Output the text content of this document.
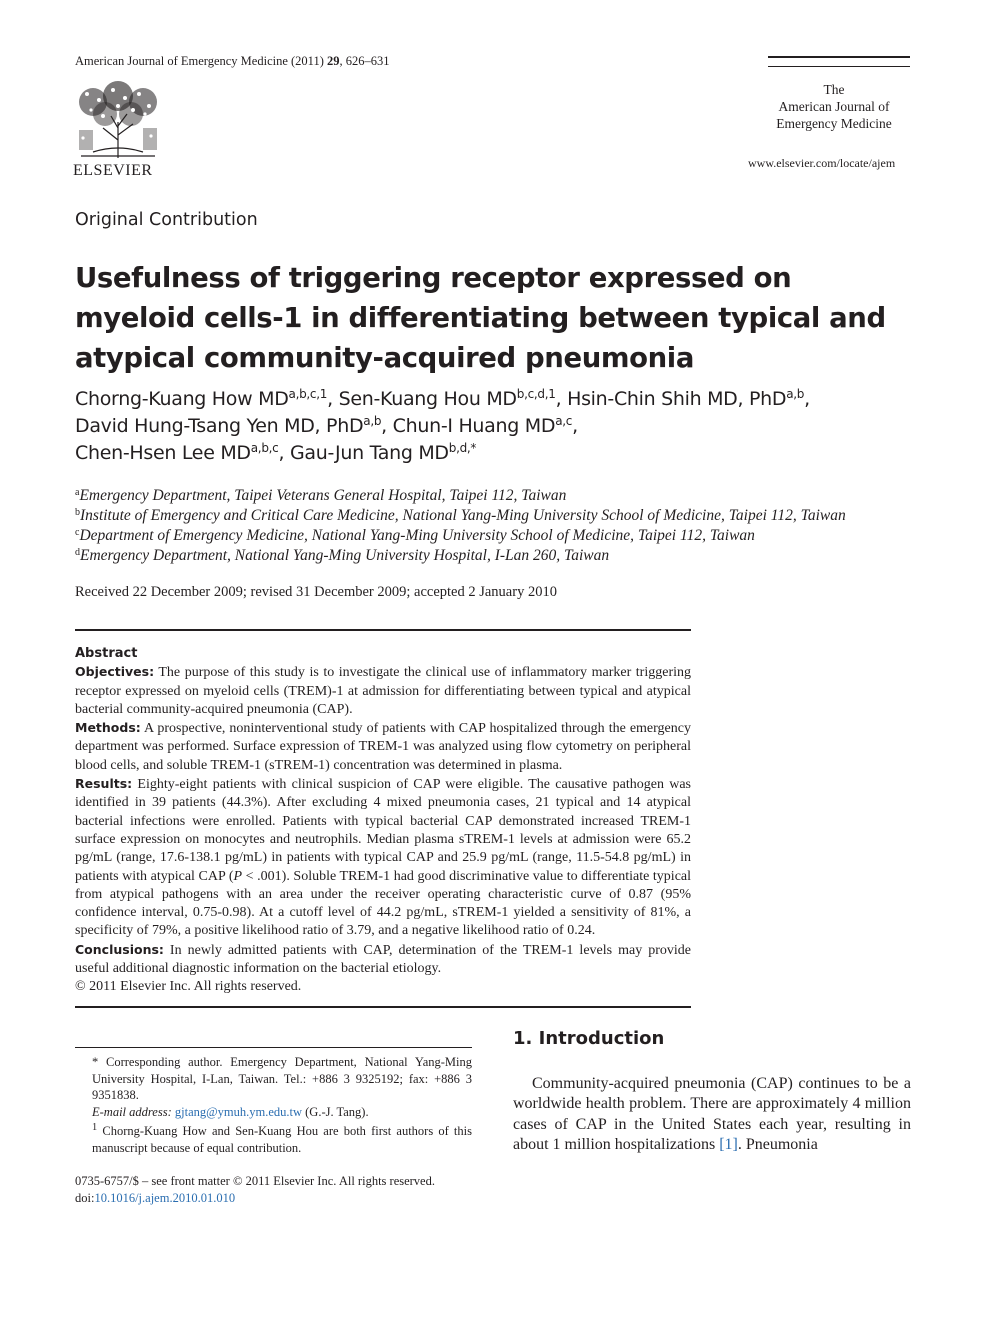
American Journal of Emergency Medicine (2011) 29, 626–631
ELSEVIER
The
American Journal of
Emergency Medicine
www.elsevier.com/locate/ajem
Original Contribution
Usefulness of triggering receptor expressed on myeloid cells-1 in differentiating between typical and atypical community-acquired pneumonia
Chorng-Kuang How MD$^{a,b,c,1}$, Sen-Kuang Hou MD$^{b,c,d,1}$, Hsin-Chin Shih MD, PhD$^{a,b}$,
David Hung-Tsang Yen MD, PhD$^{a,b}$, Chun-I Huang MD$^{a,c}$,
Chen-Hsen Lee MD$^{a,b,c}$, Gau-Jun Tang $MD^{b,d,*}$
$^a$Emergency Department, Taipei Veterans General Hospital, Taipei 112, Taiwan
$^b$Institute of Emergency and Critical Care Medicine, National Yang-Ming University School of Medicine, Taipei 112, Taiwan
$^c$Department of Emergency Medicine, National Yang-Ming University School of Medicine, Taipei 112, Taiwan
$^d$Emergency Department, National Yang-Ming University Hospital, I-Lan 260, Taiwan
Received 22 December 2009; revised 31 December 2009; accepted 2 January 2010
Abstract

Objectives: The purpose of this study is to investigate the clinical use of inflammatory marker triggering receptor expressed on myeloid cells (TREM)-1 at admission for differentiating between typical and atypical bacterial community-acquired pneumonia (CAP).

Methods: A prospective, noninterventional study of patients with CAP hospitalized through the emergency department was performed. Surface expression of TREM-1 was analyzed using flow cytometry on peripheral blood cells, and soluble TREM-1 (sTREM-1) concentration was determined in plasma.

Results: Eighty-eight patients with clinical suspicion of CAP were eligible. The causative pathogen was identified in 39 patients (44.3%). After excluding 4 mixed pneumonia cases, 21 typical and 14 atypical bacterial infections were enrolled. Patients with typical bacterial CAP demonstrated increased TREM-1 surface expression on monocytes and neutrophils. Median plasma sTREM-1 levels at admission were 65.2 pg/mL (range, 17.6-138.1 pg/mL) in patients with typical CAP and 25.9 pg/mL (range, 11.5-54.8 pg/mL) in patients with atypical CAP (P < .001). Soluble TREM-1 had good discriminative value to differentiate typical from atypical pathogens with an area under the receiver operating characteristic curve of 0.87 (95% confidence interval, 0.75-0.98). At a cutoff level of 44.2 pg/mL, sTREM-1 yielded a sensitivity of 81%, a specificity of 79%, a positive likelihood ratio of 3.79, and a negative likelihood ratio of 0.24.

Conclusions: In newly admitted patients with CAP, determination of the TREM-1 levels may provide useful additional diagnostic information on the bacterial etiology.

© 2011 Elsevier Inc. All rights reserved.

* Corresponding author. Emergency Department, National Yang-Ming University Hospital, I-Lan, Taiwan. Tel.: +886 3 9325192; fax: +886 3 9351838.

E-mail address: gjtang@ymuh.ym.edu.tw (G.-J. Tang).

$^1$ Chorng-Kuang How and Sen-Kuang Hou are both first authors of this manuscript because of equal contribution.

0735-6757/$ – see front matter © 2011 Elsevier Inc. All rights reserved.
doi:10.1016/j.ajem.2010.01.010
1. Introduction

Community-acquired pneumonia (CAP) continues to be a worldwide health problem. There are approximately 4 million cases of CAP in the United States each year, resulting in about 1 million hospitalizations [1]. Pneumonia
